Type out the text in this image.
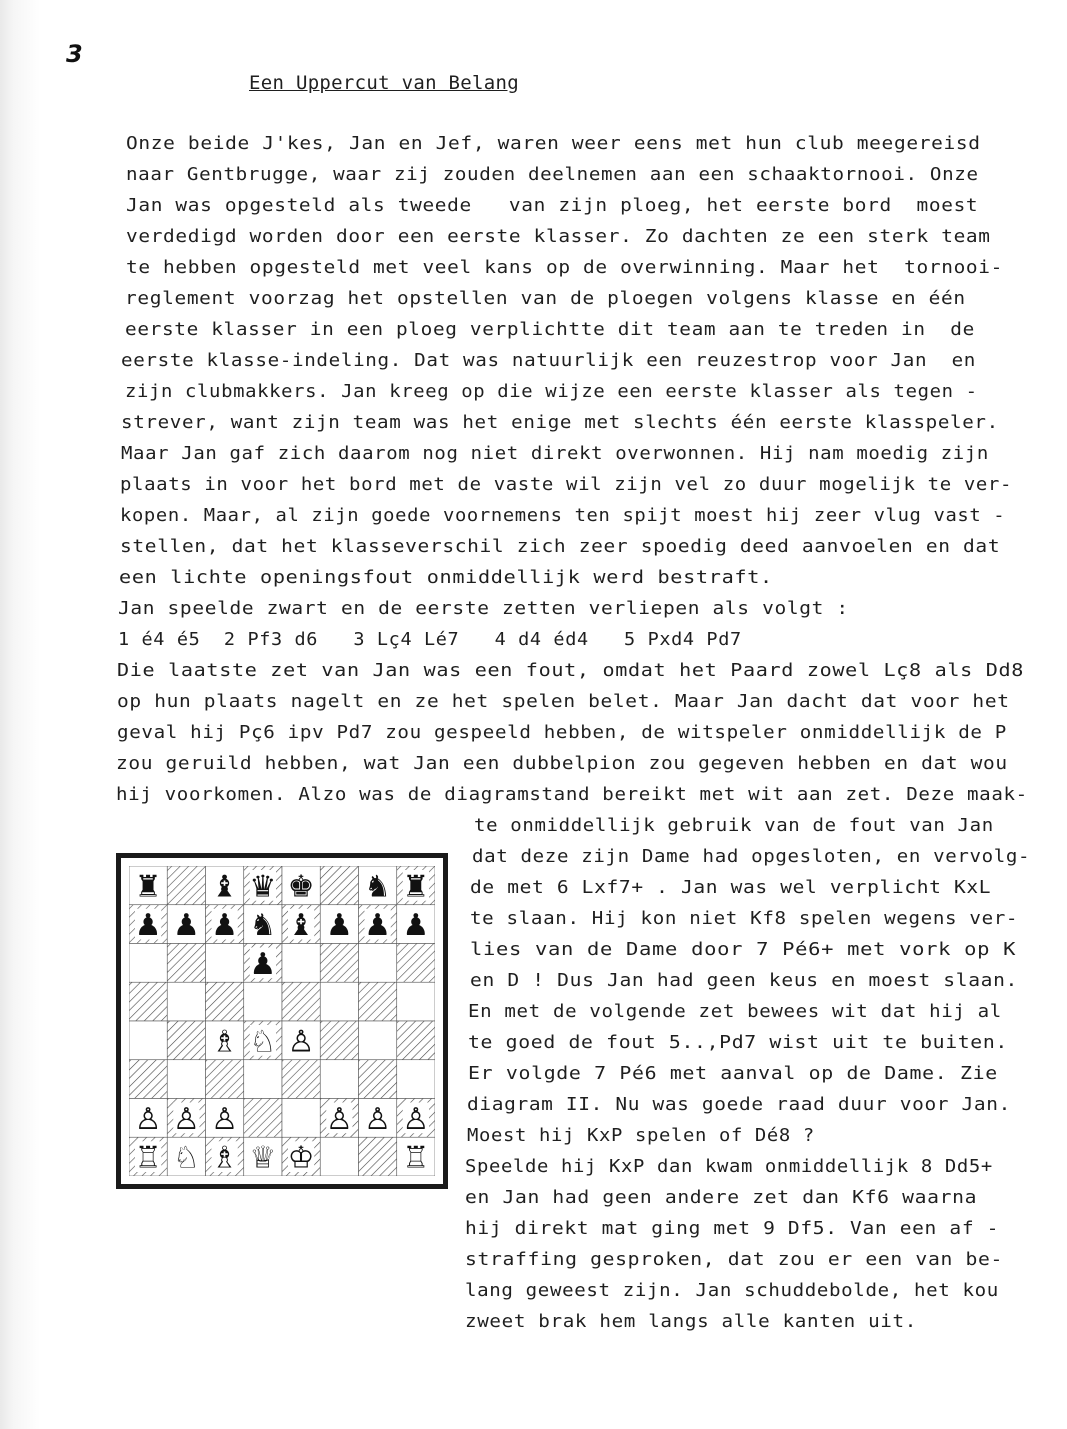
3
Een Uppercut van Belang
Onze beide J'kes, Jan en Jef, waren weer eens met hun club meegereisd
naar Gentbrugge, waar zij zouden deelnemen aan een schaaktornooi. Onze
Jan was opgesteld als tweede   van zijn ploeg, het eerste bord  moest
verdedigd worden door een eerste klasser. Zo dachten ze een sterk team
te hebben opgesteld met veel kans op de overwinning. Maar het  tornooi-
reglement voorzag het opstellen van de ploegen volgens klasse en één
eerste klasser in een ploeg verplichtte dit team aan te treden in  de
eerste klasse-indeling. Dat was natuurlijk een reuzestrop voor Jan  en
zijn clubmakkers. Jan kreeg op die wijze een eerste klasser als tegen -
strever, want zijn team was het enige met slechts één eerste klasspeler.
Maar Jan gaf zich daarom nog niet direkt overwonnen. Hij nam moedig zijn
plaats in voor het bord met de vaste wil zijn vel zo duur mogelijk te ver-
kopen. Maar, al zijn goede voornemens ten spijt moest hij zeer vlug vast -
stellen, dat het klasseverschil zich zeer spoedig deed aanvoelen en dat
een lichte openingsfout onmiddellijk werd bestraft.
Jan speelde zwart en de eerste zetten verliepen als volgt :
1 é4 é5  2 Pf3 d6   3 Lç4 Lé7   4 d4 éd4   5 Pxd4 Pd7
Die laatste zet van Jan was een fout, omdat het Paard zowel Lç8 als Dd8
op hun plaats nagelt en ze het spelen belet. Maar Jan dacht dat voor het
geval hij Pç6 ipv Pd7 zou gespeeld hebben, de witspeler onmiddellijk de P
zou geruild hebben, wat Jan een dubbelpion zou gegeven hebben en dat wou
hij voorkomen. Alzo was de diagramstand bereikt met wit aan zet. Deze maak-
te onmiddellijk gebruik van de fout van Jan
dat deze zijn Dame had opgesloten, en vervolg-
de met 6 Lxf7+ . Jan was wel verplicht KxL
te slaan. Hij kon niet Kf8 spelen wegens ver-
lies van de Dame door 7 Pé6+ met vork op K
en D ! Dus Jan had geen keus en moest slaan.
En met de volgende zet bewees wit dat hij al
te goed de fout 5..,Pd7 wist uit te buiten.
Er volgde 7 Pé6 met aanval op de Dame. Zie
diagram II. Nu was goede raad duur voor Jan.
Moest hij KxP spelen of Dé8 ?
Speelde hij KxP dan kwam onmiddellijk 8 Dd5+
en Jan had geen andere zet dan Kf6 waarna
hij direkt mat ging met 9 Df5. Van een af -
straffing gesproken, dat zou er een van be-
lang geweest zijn. Jan schuddebolde, het kou
zweet brak hem langs alle kanten uit.
♜ ♝ ♛ ♚ ♞ ♜
♟ ♟ ♟ ♞ ♝ ♟ ♟ ♟
♟
♗ ♘ ♙
♙ ♙ ♙	♙ ♙ ♙
♖ ♘ ♗ ♕ ♔	♖
